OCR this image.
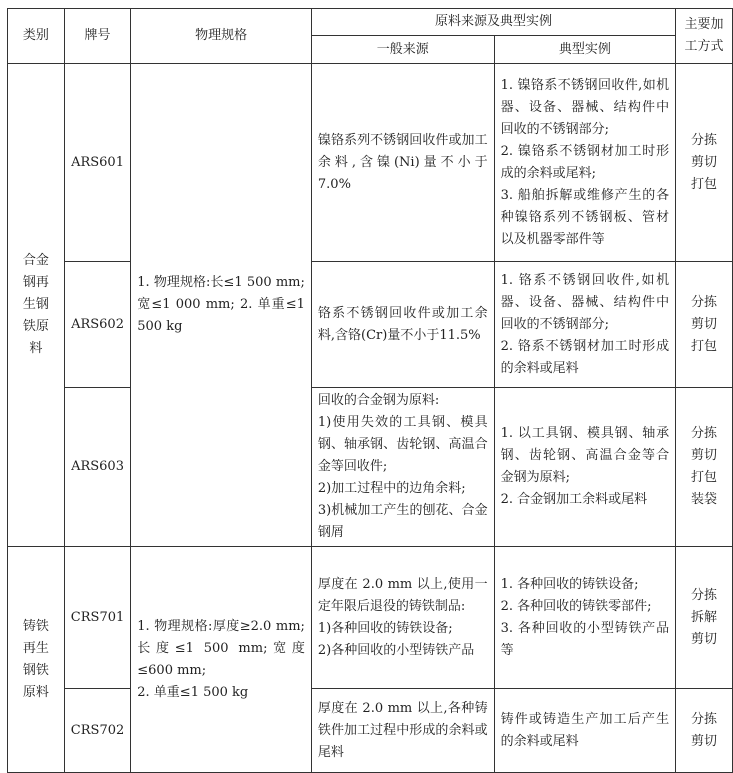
类别	牌号	物理规格	原料来源及典型实例		主要加工方式
			一般来源	典型实例	
合金钢再生钢铁原料	ARS601	1. 物理规格:长≤1 500 mm;宽≤1 000 mm; 2. 单重≤1 500 kg	镍铬系列不锈钢回收件或加工余料,含镍(Ni)量不小于 7.0%	1. 镍铬系不锈钢回收件,如机器、设备、器械、结构件中回收的不锈钢部分;
2. 镍铬系不锈钢材加工时形成的余料或尾料;
3. 船舶拆解或维修产生的各种镍铬系列不锈钢板、管材以及机器零部件等	分拣剪切打包
	ARS602		铬系不锈钢回收件或加工余料,含铬(Cr)量不小于11.5%	1. 铬系不锈钢回收件,如机器、设备、器械、结构件中回收的不锈钢部分;
2. 铬系不锈钢材加工时形成的余料或尾料	分拣剪切打包
	ARS603		回收的合金钢为原料:
1)使用失效的工具钢、模具钢、轴承钢、齿轮钢、高温合金等回收件;
2)加工过程中的边角余料;
3)机械加工产生的刨花、合金钢屑	1. 以工具钢、模具钢、轴承钢、齿轮钢、高温合金等合金钢为原料;
2. 合金钢加工余料或尾料	分拣剪切打包装袋
铸铁再生钢铁原料	CRS701	1. 物理规格:厚度≥2.0 mm;长度≤1 500 mm;宽度≤600 mm;
2. 单重≤1 500 kg	厚度在 2.0 mm 以上,使用一定年限后退役的铸铁制品:
1)各种回收的铸铁设备;
2)各种回收的小型铸铁产品	1. 各种回收的铸铁设备;
2. 各种回收的铸铁零部件;
3. 各种回收的小型铸铁产品等	分拣拆解剪切
	CRS702		厚度在 2.0 mm 以上,各种铸铁件加工过程中形成的余料或尾料	铸件或铸造生产加工后产生的余料或尾料	分拣剪切
